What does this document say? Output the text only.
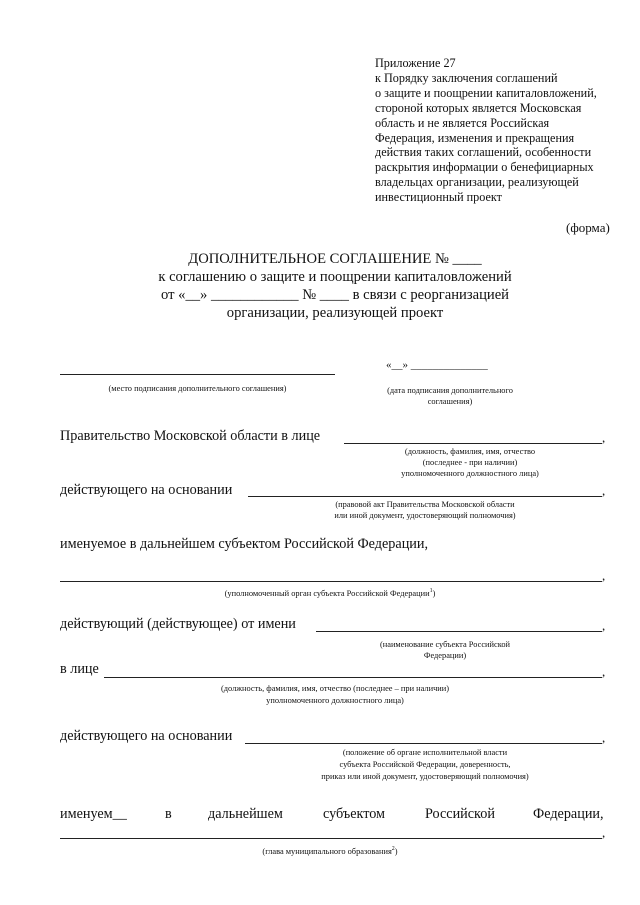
Приложение 27
к Порядку заключения соглашений
о защите и поощрении капиталовложений,
стороной которых является Московская
область и не является Российская
Федерация, изменения и прекращения
действия таких соглашений, особенности
раскрытия информации о бенефициарных
владельцах организации, реализующей
инвестиционный проект
(форма)
ДОПОЛНИТЕЛЬНОЕ СОГЛАШЕНИЕ № ____
к соглашению о защите и поощрении капиталовложений
от «__» ____________ № ____ в связи с реорганизацией
организации, реализующей проект
«__» ______________
(место подписания дополнительного соглашения)	(дата подписания дополнительного
соглашения)
Правительство Московской области в лице	,
(должность, фамилия, имя, отчество
(последнее - при наличии)
уполномоченного должностного лица)
действующего на основании	,
(правовой акт Правительства Московской области
или иной документ, удостоверяющий полномочия)
именуемое в дальнейшем субъектом Российской Федерации,
,
(уполномоченный орган субъекта Российской Федерации$^1$)
действующий (действующее) от имени	,
(наименование субъекта Российской
Федерации)
в лице	,
(должность, фамилия, имя, отчество (последнее – при наличии)
уполномоченного должностного лица)
действующего на основании	,
(положение об органе исполнительной власти
субъекта Российской Федерации, доверенность,
приказ или иной документ, удостоверяющий полномочия)
именуем__	в	дальнейшем	субъектом	Российской	Федерации,
,
(глава муниципального образования$^2$)
